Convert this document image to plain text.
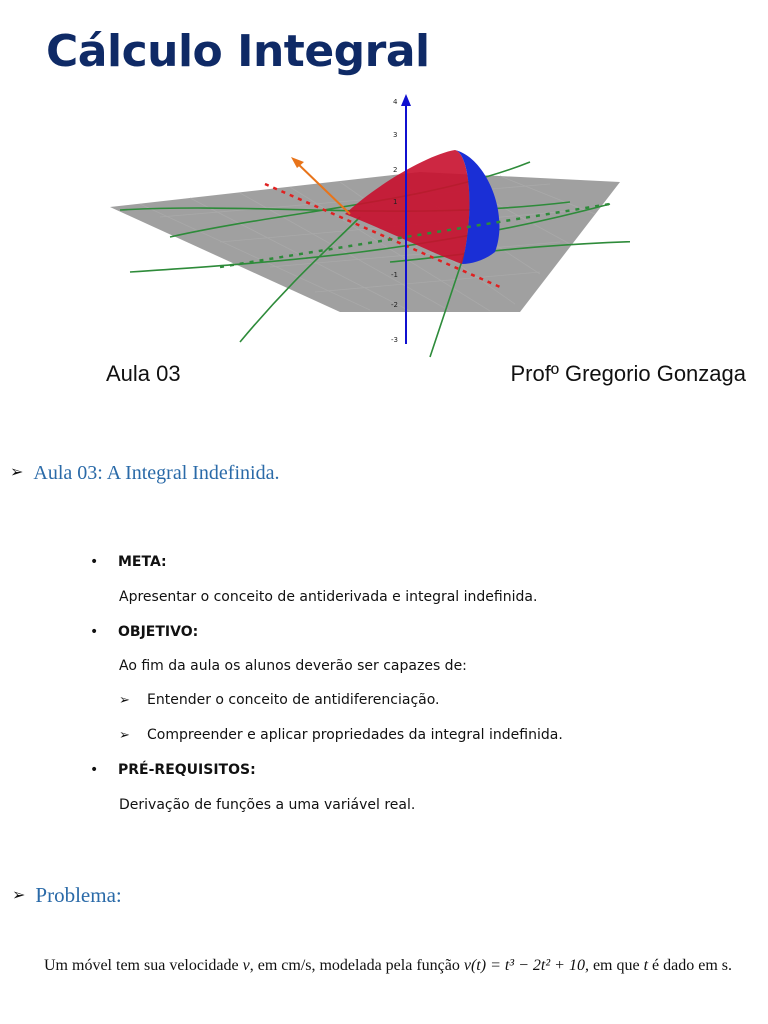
Cálculo Integral
4
3
2
1
-1
-2
-3
Aula 03	Profº Gregorio Gonzaga
➢ Aula 03: A Integral Indefinida.
• META:
Apresentar o conceito de antiderivada e integral indefinida.
• OBJETIVO:
Ao fim da aula os alunos deverão ser capazes de:
➢ Entender o conceito de antidiferenciação.
➢ Compreender e aplicar propriedades da integral indefinida.
• PRÉ-REQUISITOS:
Derivação de funções a uma variável real.
➢ Problema:
Um móvel tem sua velocidade v, em cm/s, modelada pela função v(t) = t³ − 2t² + 10, em que t é dado em s.
